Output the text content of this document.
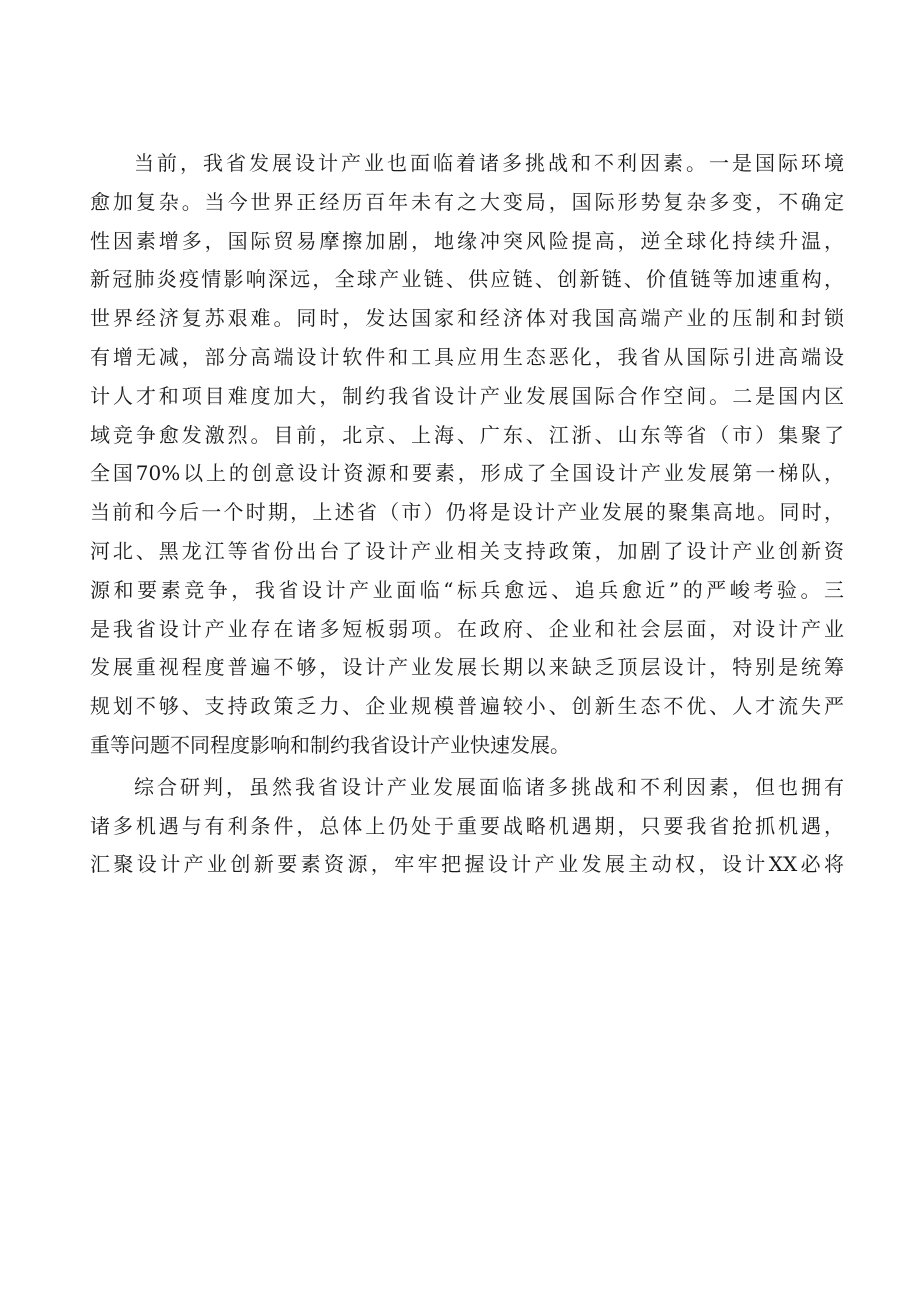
当前，我省发展设计产业也面临着诸多挑战和不利因素。一是国际环境
愈加复杂。当今世界正经历百年未有之大变局，国际形势复杂多变，不确定
性因素增多，国际贸易摩擦加剧，地缘冲突风险提高，逆全球化持续升温，
新冠肺炎疫情影响深远，全球产业链、供应链、创新链、价值链等加速重构，
世界经济复苏艰难。同时，发达国家和经济体对我国高端产业的压制和封锁
有增无减，部分高端设计软件和工具应用生态恶化，我省从国际引进高端设
计人才和项目难度加大，制约我省设计产业发展国际合作空间。二是国内区
域竞争愈发激烈。目前，北京、上海、广东、江浙、山东等省（市）集聚了
全国70%以上的创意设计资源和要素，形成了全国设计产业发展第一梯队，
当前和今后一个时期，上述省（市）仍将是设计产业发展的聚集高地。同时，
河北、黑龙江等省份出台了设计产业相关支持政策，加剧了设计产业创新资
源和要素竞争，我省设计产业面临“标兵愈远、追兵愈近”的严峻考验。三
是我省设计产业存在诸多短板弱项。在政府、企业和社会层面，对设计产业
发展重视程度普遍不够，设计产业发展长期以来缺乏顶层设计，特别是统筹
规划不够、支持政策乏力、企业规模普遍较小、创新生态不优、人才流失严
重等问题不同程度影响和制约我省设计产业快速发展。
综合研判，虽然我省设计产业发展面临诸多挑战和不利因素，但也拥有
诸多机遇与有利条件，总体上仍处于重要战略机遇期，只要我省抢抓机遇，
汇聚设计产业创新要素资源，牢牢把握设计产业发展主动权，设计XX必将
